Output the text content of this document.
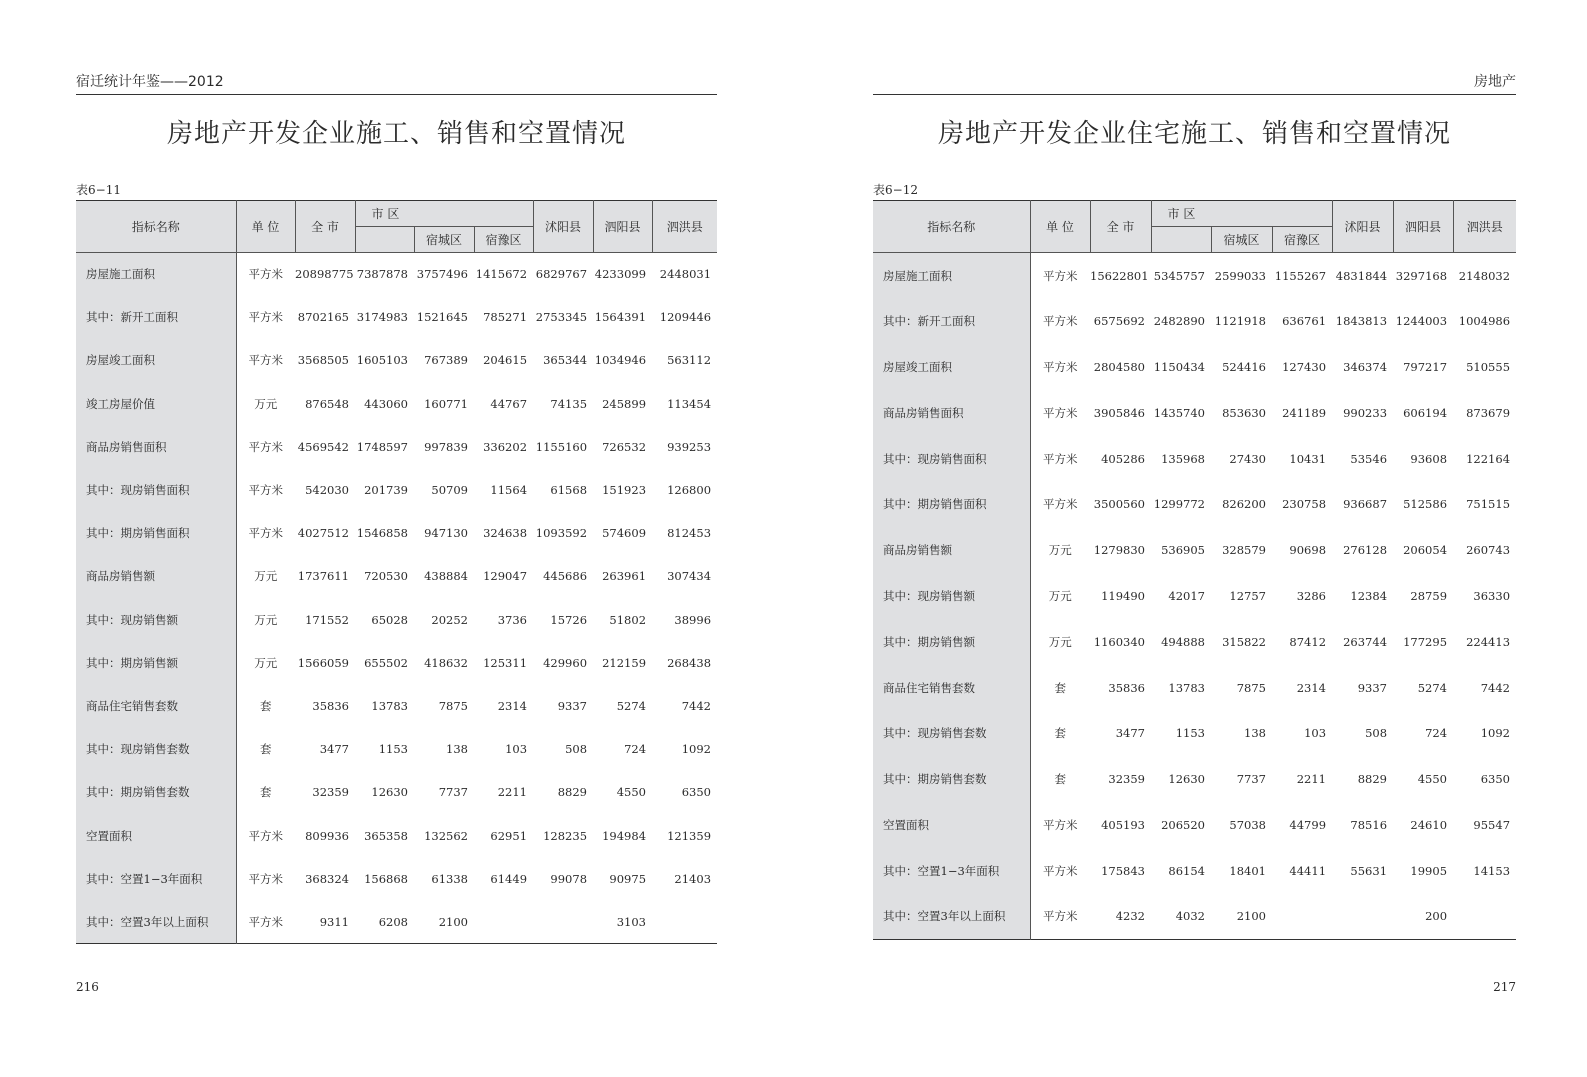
宿迁统计年鉴——2012
房地产开发企业施工、销售和空置情况
表6−11
指标名称	单 位	全 市	市 区			沭阳县	泗阳县	泗洪县
				宿城区	宿豫区			
房屋施工面积	平方米	20898775	7387878	3757496	1415672	6829767	4233099	2448031
其中：新开工面积	平方米	8702165	3174983	1521645	785271	2753345	1564391	1209446
房屋竣工面积	平方米	3568505	1605103	767389	204615	365344	1034946	563112
竣工房屋价值	万元	876548	443060	160771	44767	74135	245899	113454
商品房销售面积	平方米	4569542	1748597	997839	336202	1155160	726532	939253
其中：现房销售面积	平方米	542030	201739	50709	11564	61568	151923	126800
其中：期房销售面积	平方米	4027512	1546858	947130	324638	1093592	574609	812453
商品房销售额	万元	1737611	720530	438884	129047	445686	263961	307434
其中：现房销售额	万元	171552	65028	20252	3736	15726	51802	38996
其中：期房销售额	万元	1566059	655502	418632	125311	429960	212159	268438
商品住宅销售套数	套	35836	13783	7875	2314	9337	5274	7442
其中：现房销售套数	套	3477	1153	138	103	508	724	1092
其中：期房销售套数	套	32359	12630	7737	2211	8829	4550	6350
空置面积	平方米	809936	365358	132562	62951	128235	194984	121359
其中：空置1−3年面积	平方米	368324	156868	61338	61449	99078	90975	21403
其中：空置3年以上面积	平方米	9311	6208	2100			3103	
216
房地产
房地产开发企业住宅施工、销售和空置情况
表6−12
指标名称	单 位	全 市	市 区			沭阳县	泗阳县	泗洪县
				宿城区	宿豫区			
房屋施工面积	平方米	15622801	5345757	2599033	1155267	4831844	3297168	2148032
其中：新开工面积	平方米	6575692	2482890	1121918	636761	1843813	1244003	1004986
房屋竣工面积	平方米	2804580	1150434	524416	127430	346374	797217	510555
商品房销售面积	平方米	3905846	1435740	853630	241189	990233	606194	873679
其中：现房销售面积	平方米	405286	135968	27430	10431	53546	93608	122164
其中：期房销售面积	平方米	3500560	1299772	826200	230758	936687	512586	751515
商品房销售额	万元	1279830	536905	328579	90698	276128	206054	260743
其中：现房销售额	万元	119490	42017	12757	3286	12384	28759	36330
其中：期房销售额	万元	1160340	494888	315822	87412	263744	177295	224413
商品住宅销售套数	套	35836	13783	7875	2314	9337	5274	7442
其中：现房销售套数	套	3477	1153	138	103	508	724	1092
其中：期房销售套数	套	32359	12630	7737	2211	8829	4550	6350
空置面积	平方米	405193	206520	57038	44799	78516	24610	95547
其中：空置1−3年面积	平方米	175843	86154	18401	44411	55631	19905	14153
其中：空置3年以上面积	平方米	4232	4032	2100			200	
217
